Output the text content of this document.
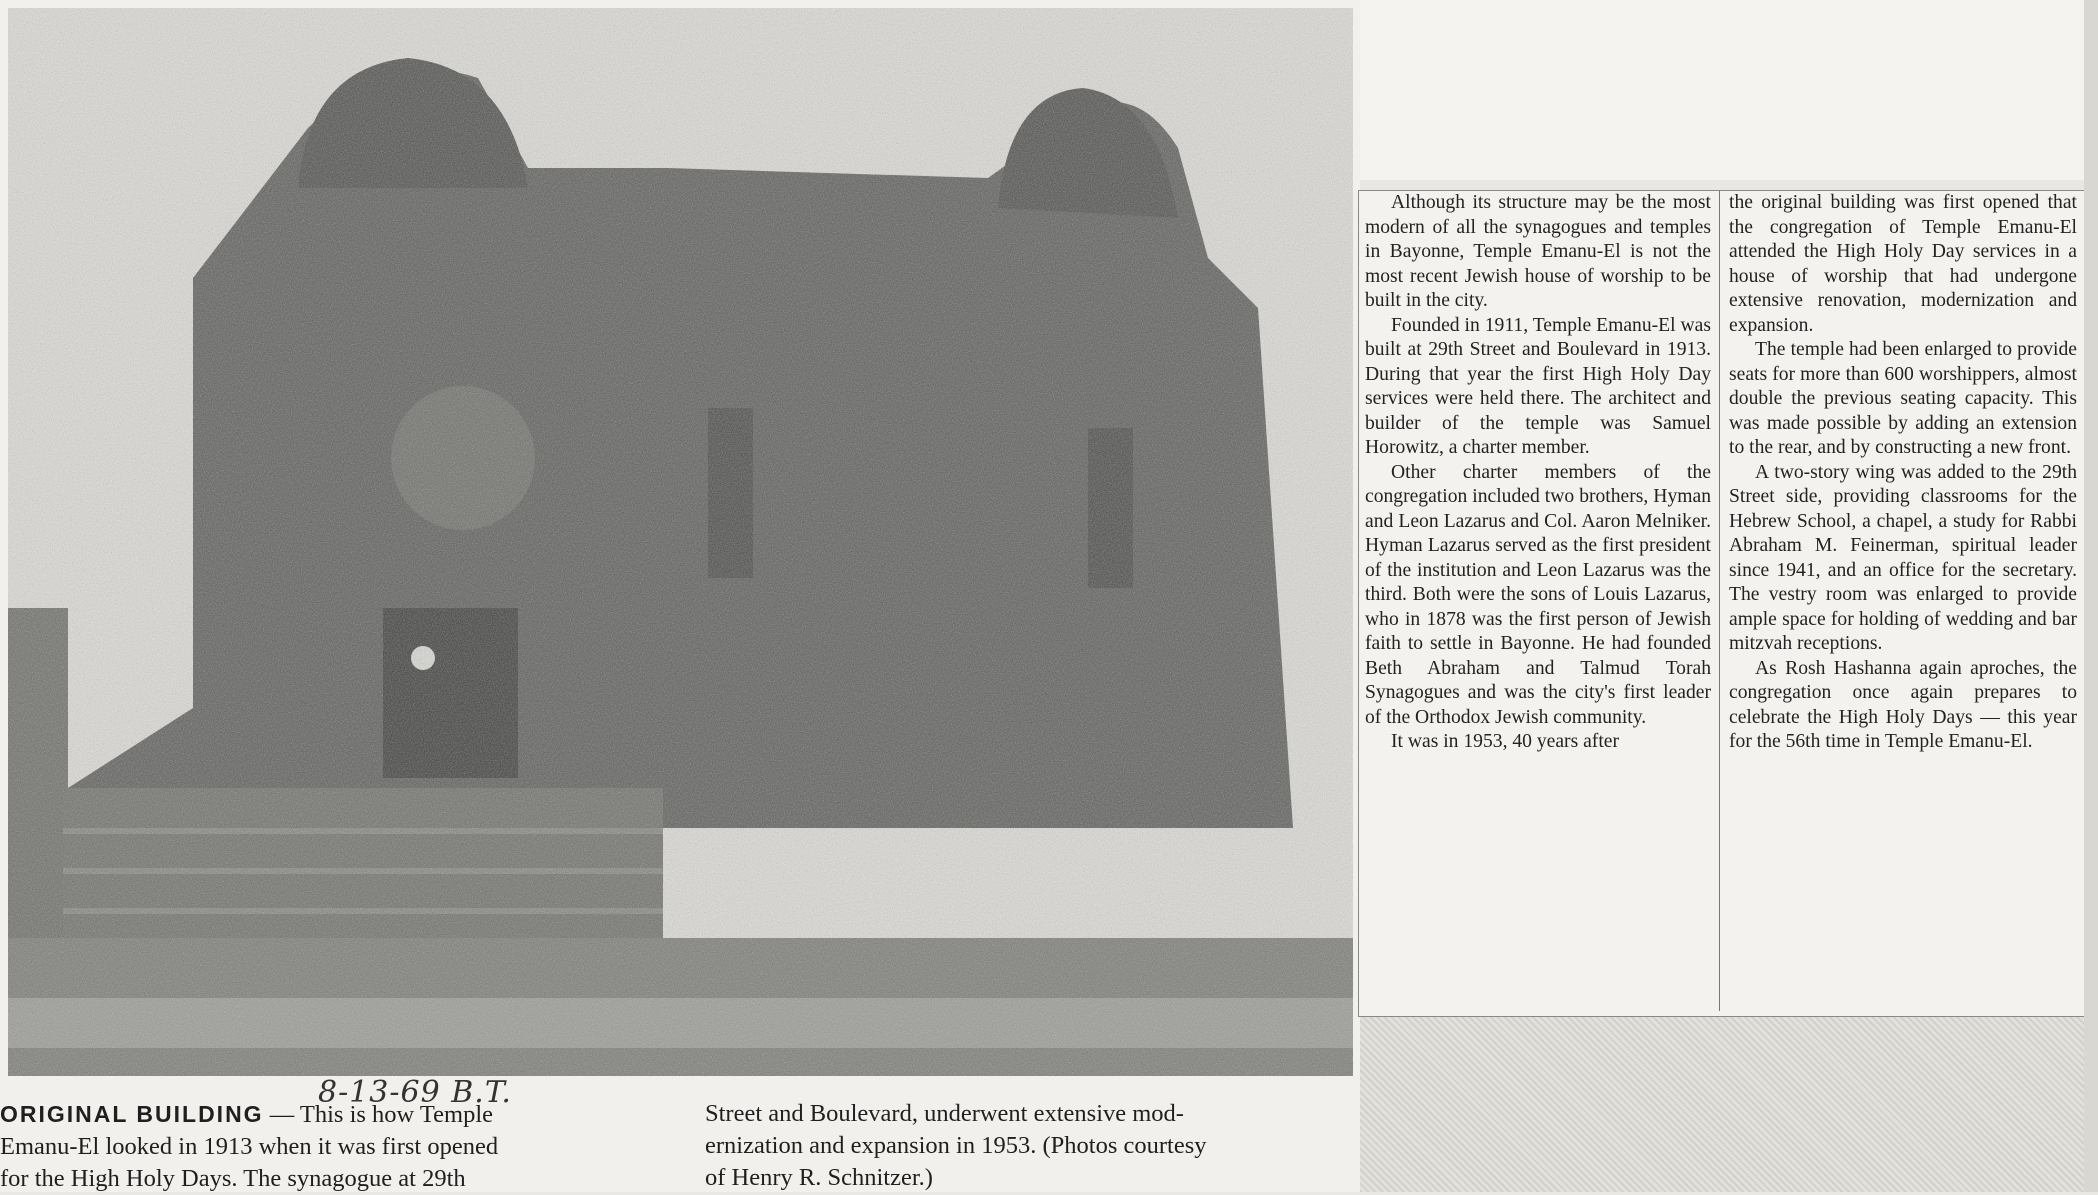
8-13-69 B.T.
ORIGINAL BUILDING — This is how Temple
Emanu-El looked in 1913 when it was first opened
for the High Holy Days. The synagogue at 29th
Street and Boulevard, underwent extensive mod-
ernization and expansion in 1953. (Photos courtesy
of Henry R. Schnitzer.)

Although its structure may be the most modern of all the synagogues and temples in Bayonne, Temple Emanu-El is not the most recent Jewish house of worship to be built in the city.

Founded in 1911, Temple Emanu-El was built at 29th Street and Boulevard in 1913. During that year the first High Holy Day services were held there. The architect and builder of the temple was Samuel Horowitz, a charter member.

Other charter members of the congregation included two brothers, Hyman and Leon Lazarus and Col. Aaron Melniker. Hyman Lazarus served as the first president of the institution and Leon Lazarus was the third. Both were the sons of Louis Lazarus, who in 1878 was the first person of Jewish faith to settle in Bayonne. He had founded Beth Abraham and Talmud Torah Synagogues and was the city's first leader of the Orthodox Jewish community.

It was in 1953, 40 years after

the original building was first opened that the congregation of Temple Emanu-El attended the High Holy Day services in a house of worship that had undergone extensive renovation, modernization and expansion.

The temple had been enlarged to provide seats for more than 600 worshippers, almost double the previous seating capacity. This was made possible by adding an extension to the rear, and by constructing a new front.

A two-story wing was added to the 29th Street side, providing classrooms for the Hebrew School, a chapel, a study for Rabbi Abraham M. Feinerman, spiritual leader since 1941, and an office for the secretary. The vestry room was enlarged to provide ample space for holding of wedding and bar mitzvah receptions.

As Rosh Hashanna again aproches, the congregation once again prepares to celebrate the High Holy Days — this year for the 56th time in Temple Emanu-El.
